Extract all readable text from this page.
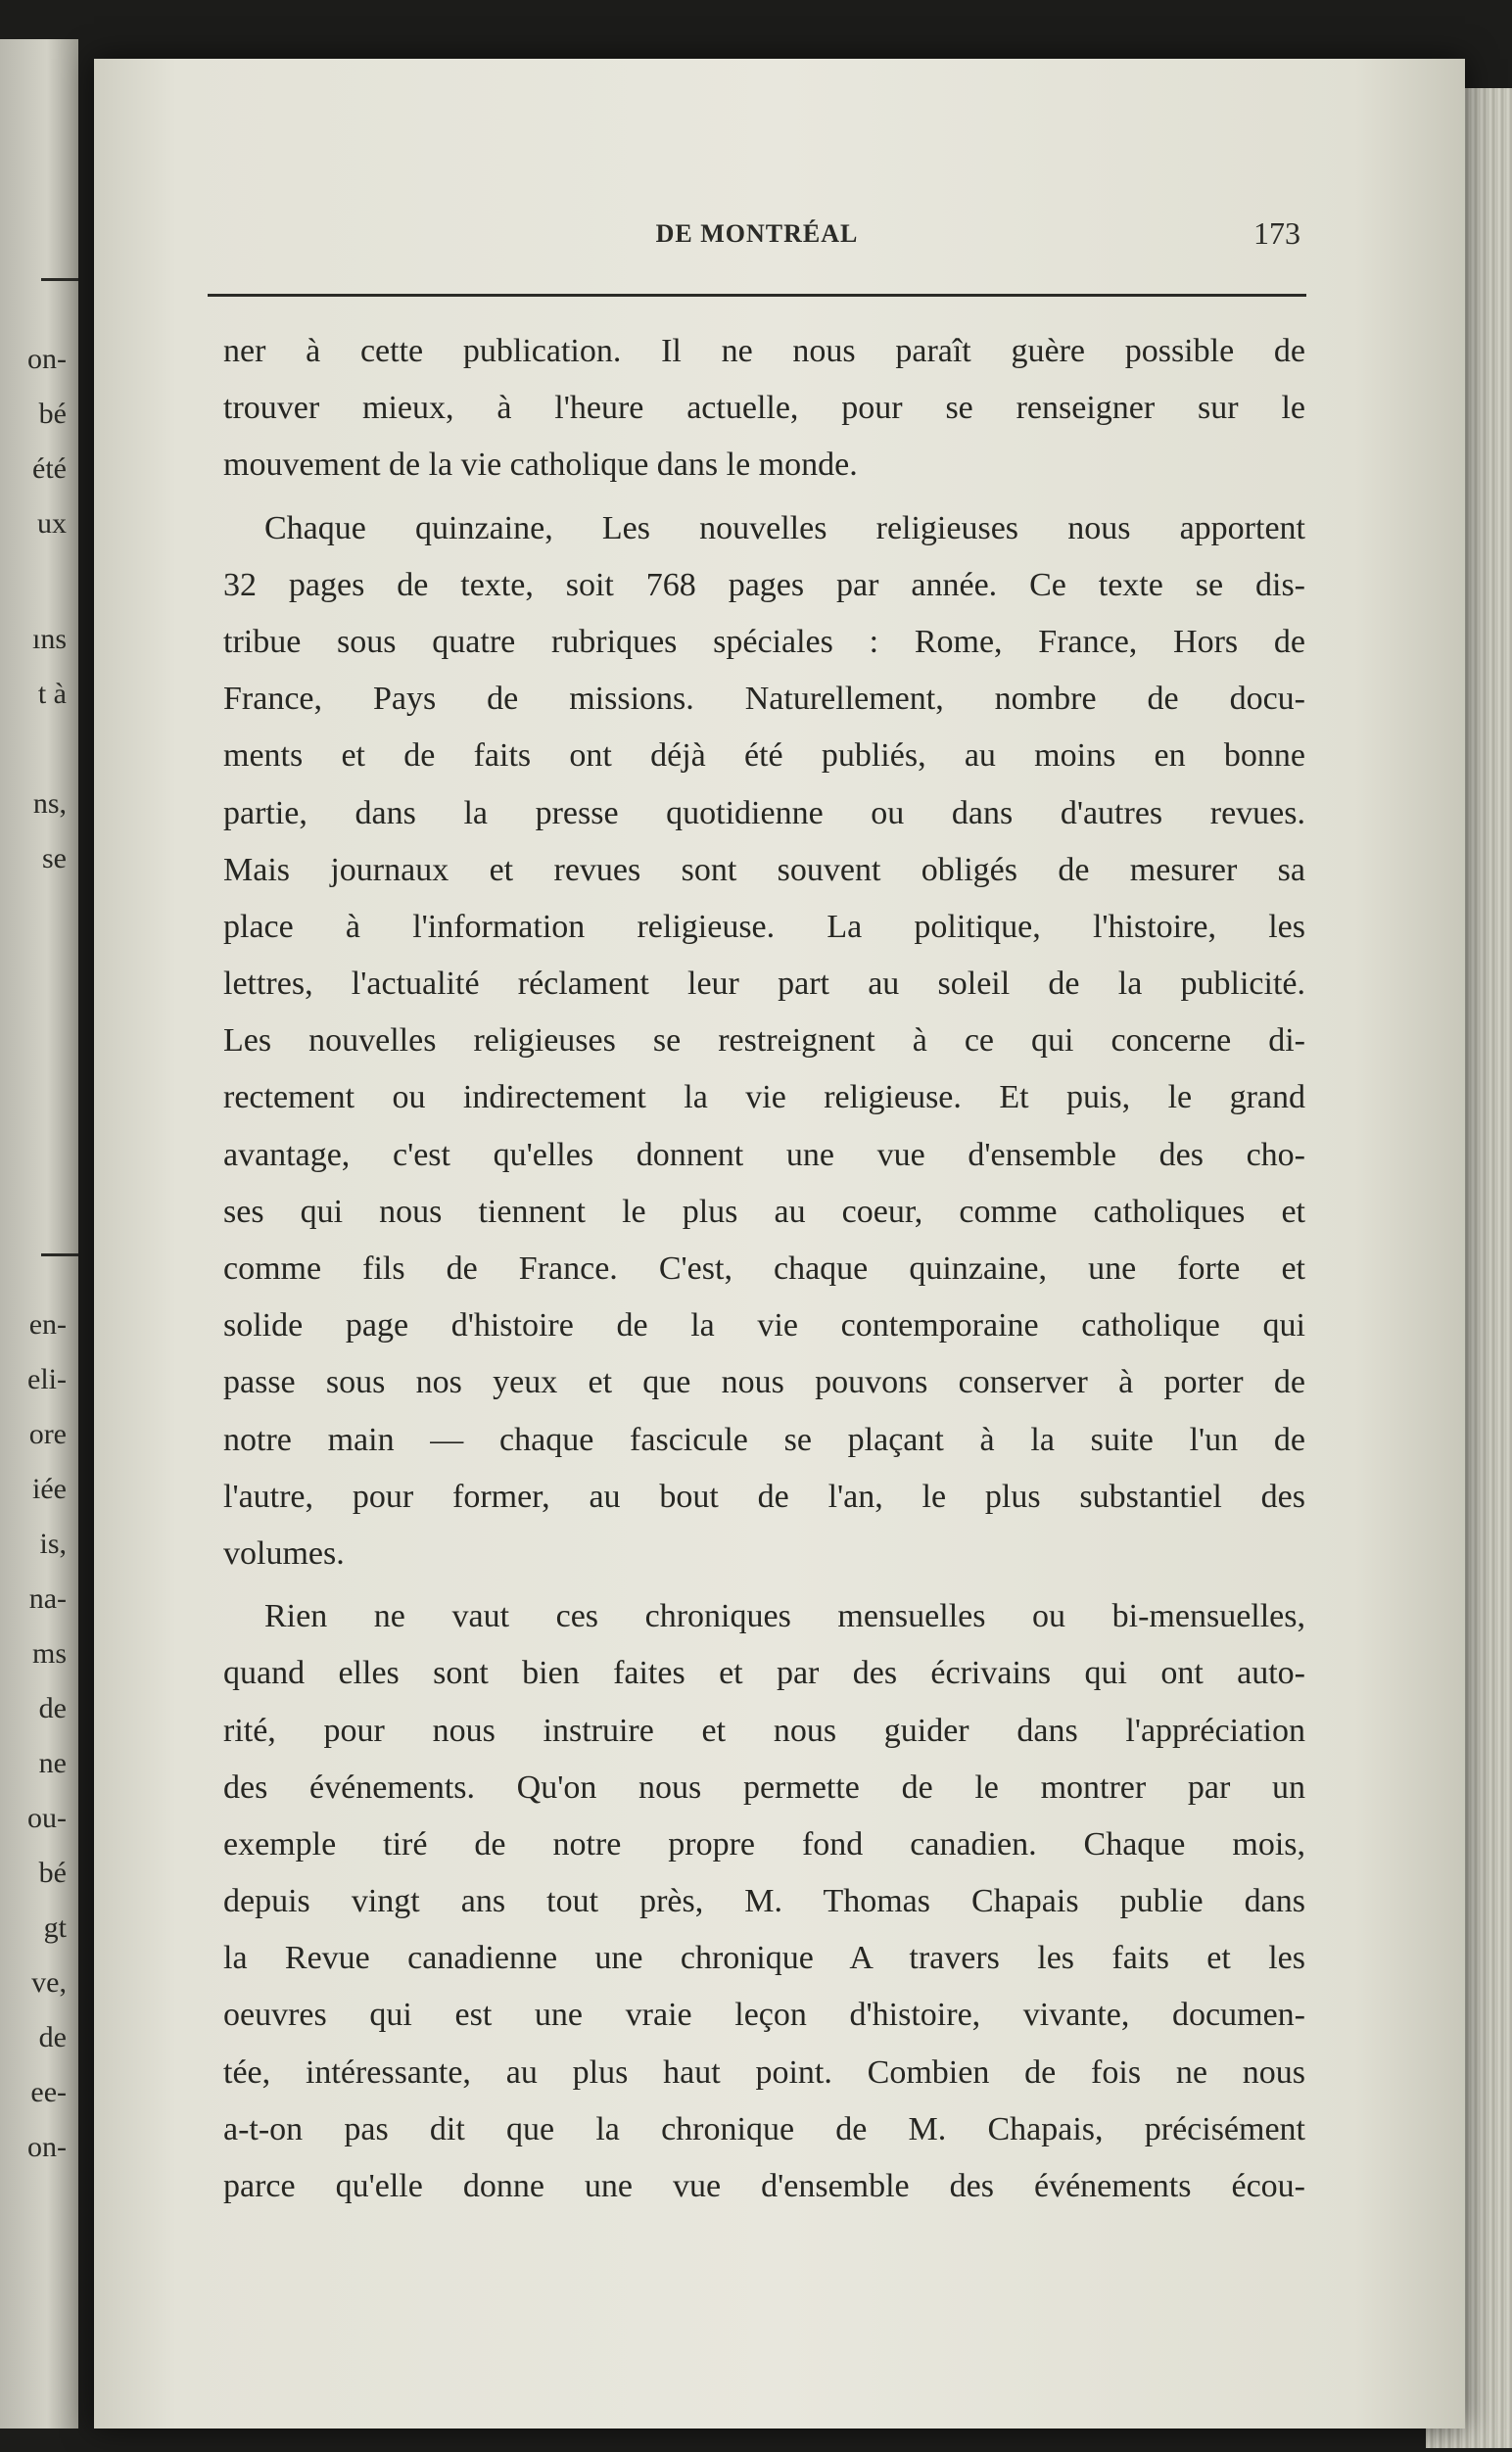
on-
bé
été
ux
ıns
t à
ns,
se
en-
eli-
ore
iée
is,
na-
ms
de
ne
ou-
bé
gt
ve,
de
ee-
on-
DE MONTRÉAL	173

ner à cette publication. Il ne nous paraît guère possible de
trouver mieux, à l'heure actuelle, pour se renseigner sur le
mouvement de la vie catholique dans le monde.

Chaque quinzaine, Les nouvelles religieuses nous apportent
32 pages de texte, soit 768 pages par année. Ce texte se dis-
tribue sous quatre rubriques spéciales : Rome, France, Hors de
France, Pays de missions. Naturellement, nombre de docu-
ments et de faits ont déjà été publiés, au moins en bonne
partie, dans la presse quotidienne ou dans d'autres revues.
Mais journaux et revues sont souvent obligés de mesurer sa
place à l'information religieuse. La politique, l'histoire, les
lettres, l'actualité réclament leur part au soleil de la publicité.
Les nouvelles religieuses se restreignent à ce qui concerne di-
rectement ou indirectement la vie religieuse. Et puis, le grand
avantage, c'est qu'elles donnent une vue d'ensemble des cho-
ses qui nous tiennent le plus au coeur, comme catholiques et
comme fils de France. C'est, chaque quinzaine, une forte et
solide page d'histoire de la vie contemporaine catholique qui
passe sous nos yeux et que nous pouvons conserver à porter de
notre main — chaque fascicule se plaçant à la suite l'un de
l'autre, pour former, au bout de l'an, le plus substantiel des
volumes.

Rien ne vaut ces chroniques mensuelles ou bi-mensuelles,
quand elles sont bien faites et par des écrivains qui ont auto-
rité, pour nous instruire et nous guider dans l'appréciation
des événements. Qu'on nous permette de le montrer par un
exemple tiré de notre propre fond canadien. Chaque mois,
depuis vingt ans tout près, M. Thomas Chapais publie dans
la Revue canadienne une chronique A travers les faits et les
oeuvres qui est une vraie leçon d'histoire, vivante, documen-
tée, intéressante, au plus haut point. Combien de fois ne nous
a-t-on pas dit que la chronique de M. Chapais, précisément
parce qu'elle donne une vue d'ensemble des événements écou-
